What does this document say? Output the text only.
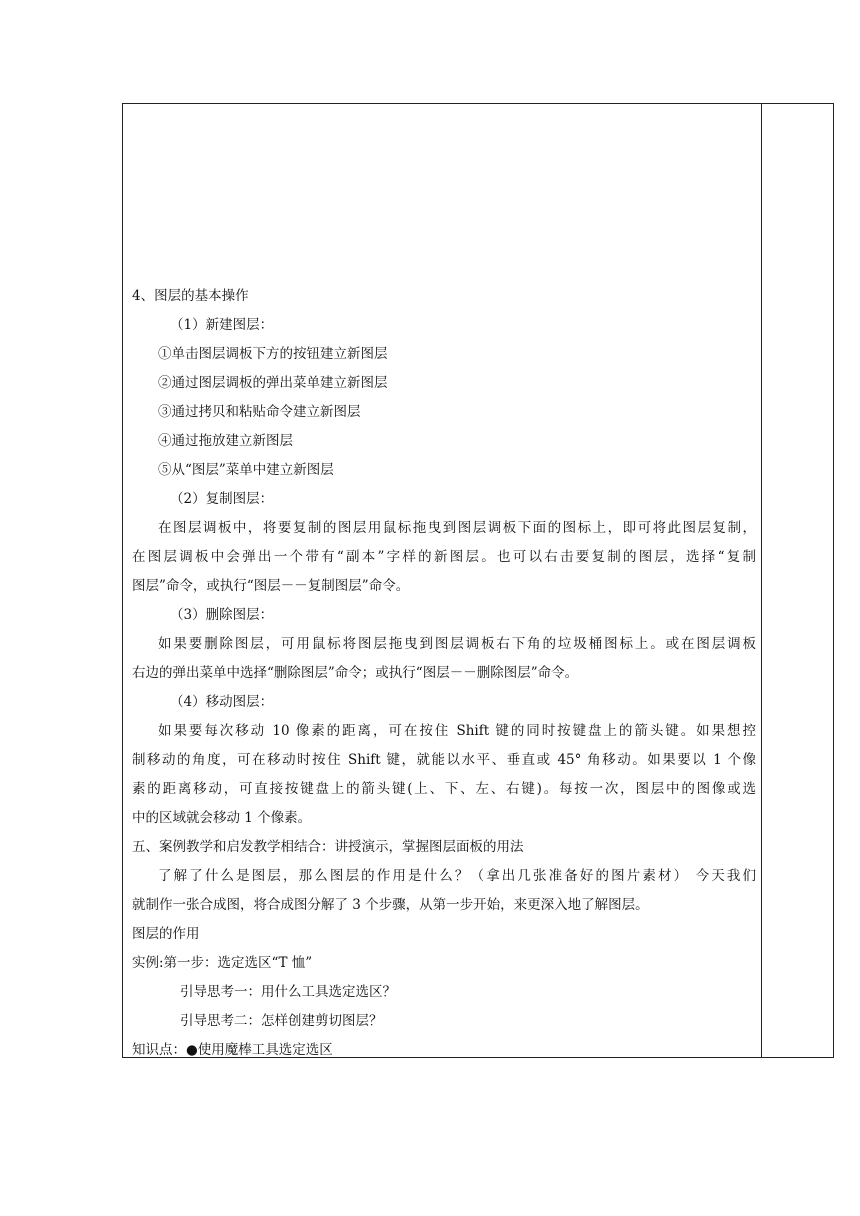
4、图层的基本操作
（1）新建图层：
①单击图层调板下方的按钮建立新图层
②通过图层调板的弹出菜单建立新图层
③通过拷贝和粘贴命令建立新图层
④通过拖放建立新图层
⑤从“图层”菜单中建立新图层
（2）复制图层：
在图层调板中，将要复制的图层用鼠标拖曳到图层调板下面的图标上，即可将此图层复制，
在图层调板中会弹出一个带有“副本”字样的新图层。也可以右击要复制的图层，选择“复制
图层”命令，或执行“图层－－复制图层”命令。
（3）删除图层：
如果要删除图层，可用鼠标将图层拖曳到图层调板右下角的垃圾桶图标上。或在图层调板
右边的弹出菜单中选择“删除图层”命令；或执行“图层－－删除图层”命令。
（4）移动图层：
如果要每次移动 10 像素的距离，可在按住 Shift 键的同时按键盘上的箭头键。如果想控
制移动的角度，可在移动时按住 Shift 键，就能以水平、垂直或 45° 角移动。如果要以 1 个像
素的距离移动，可直接按键盘上的箭头键(上、下、左、右键)。每按一次，图层中的图像或选
中的区域就会移动 1 个像素。
五、案例教学和启发教学相结合：讲授演示，掌握图层面板的用法
了解了什么是图层，那么图层的作用是什么？（拿出几张准备好的图片素材） 今天我们
就制作一张合成图，将合成图分解了 3 个步骤，从第一步开始，来更深入地了解图层。
图层的作用
实例:第一步：选定选区“T 恤”
引导思考一：用什么工具选定选区？
引导思考二：怎样创建剪切图层？
知识点：●使用魔棒工具选定选区
